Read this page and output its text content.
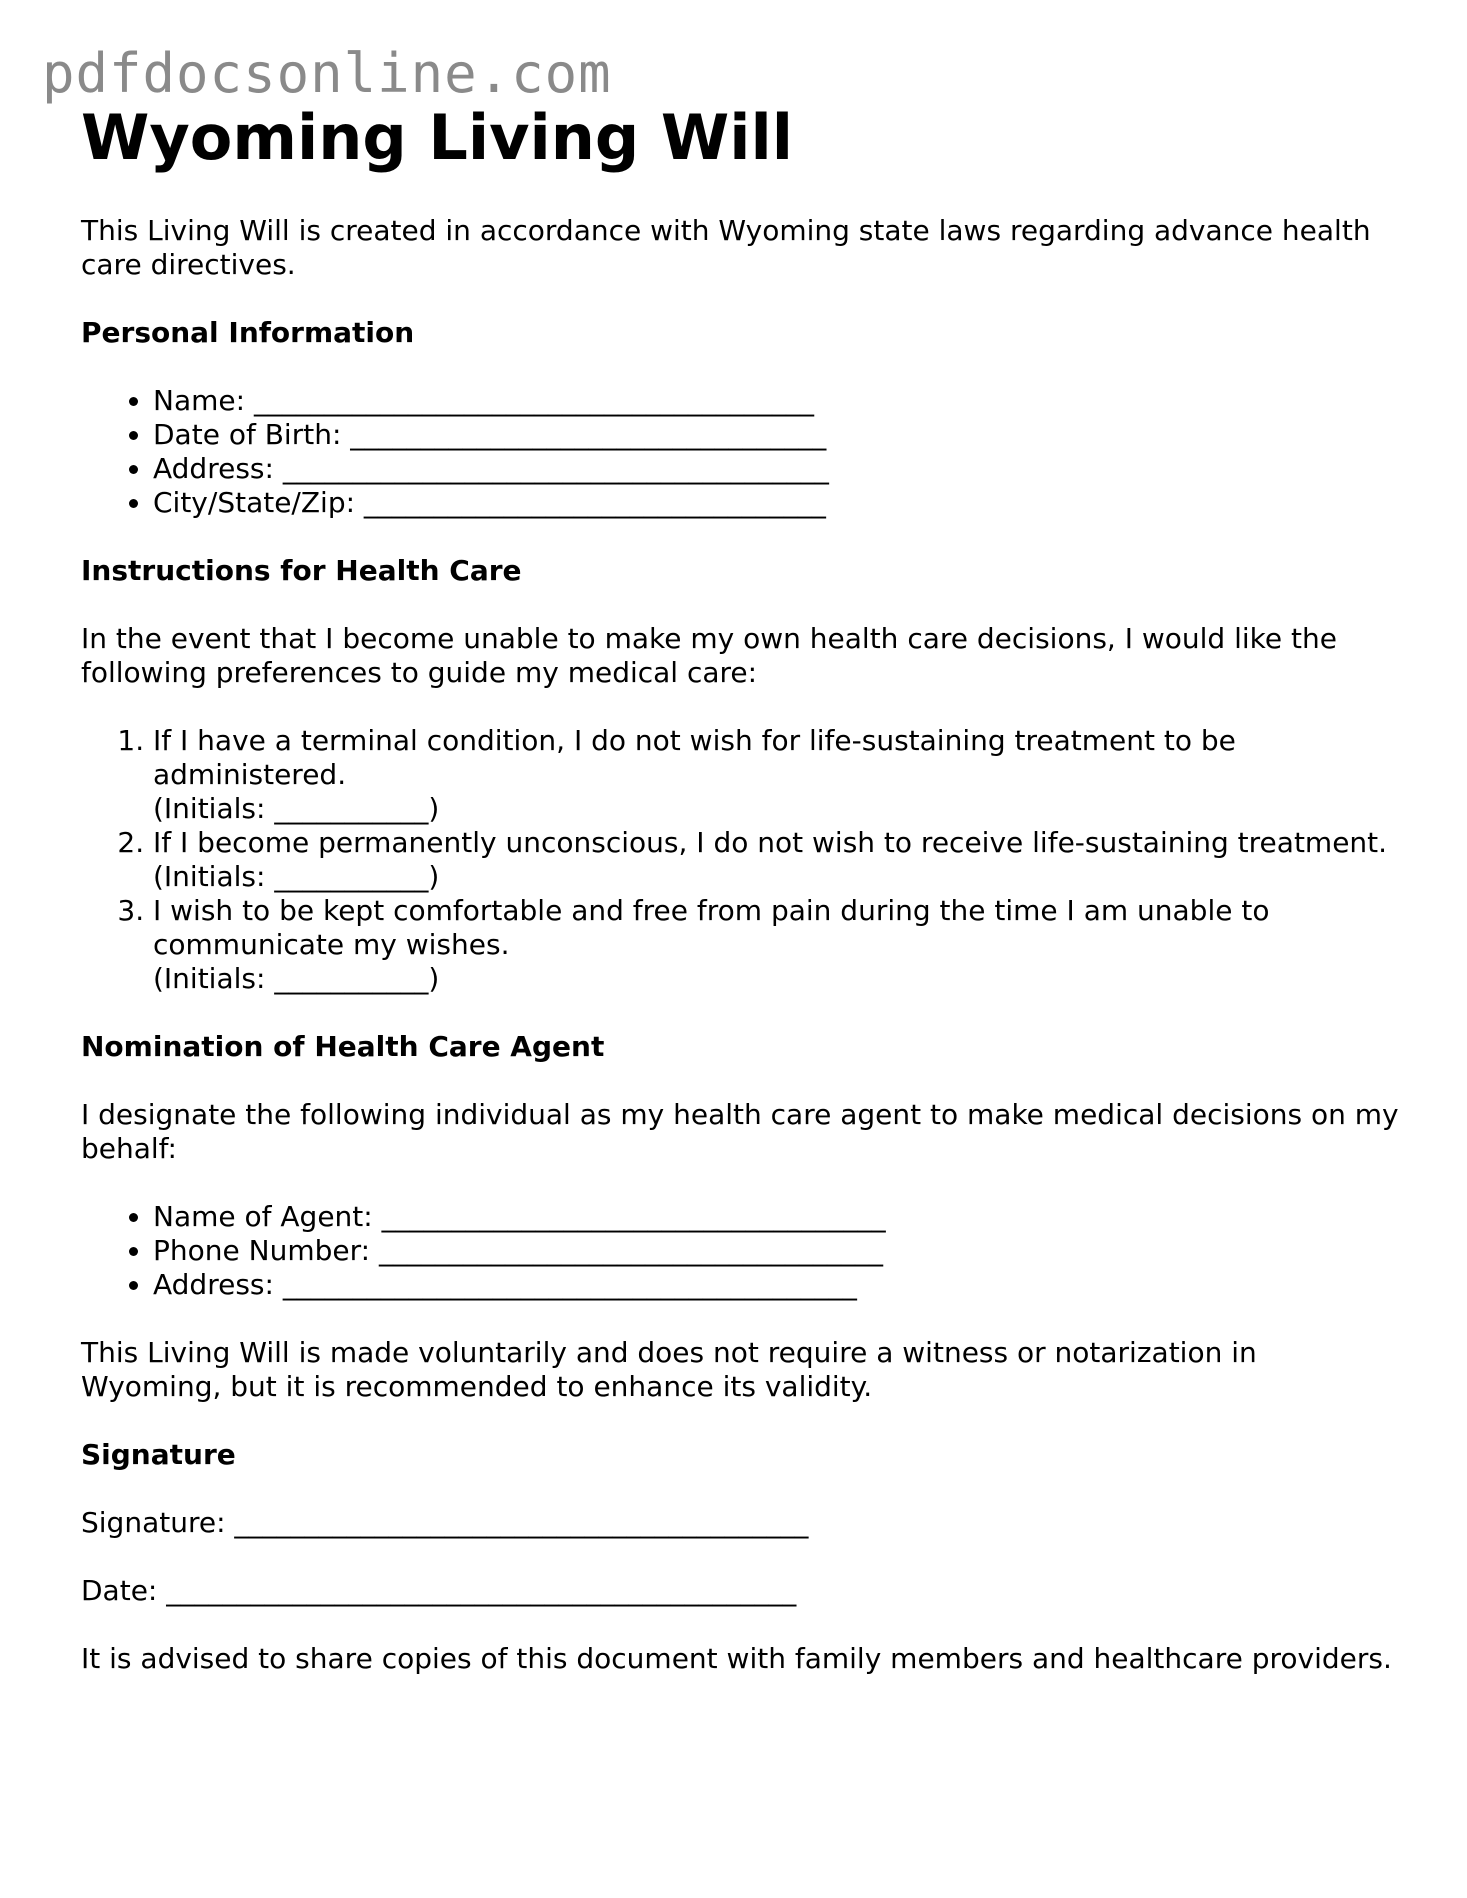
pdfdocsonline.com
Wyoming Living Will

This Living Will is created in accordance with Wyoming state laws regarding advance health care directives.

Personal Information
• Name: ________________________________________
• Date of Birth: __________________________________
• Address: _______________________________________
• City/State/Zip: _________________________________
Instructions for Health Care

In the event that I become unable to make my own health care decisions, I would like the following preferences to guide my medical care:

1. If I have a terminal condition, I do not wish for life-sustaining treatment to be administered.
(Initials: ___________)
2. If I become permanently unconscious, I do not wish to receive life-sustaining treatment.
(Initials: ___________)
3. I wish to be kept comfortable and free from pain during the time I am unable to communicate my wishes.
(Initials: ___________)
Nomination of Health Care Agent

I designate the following individual as my health care agent to make medical decisions on my behalf:

• Name of Agent: ____________________________________
• Phone Number: ____________________________________
• Address: _________________________________________

This Living Will is made voluntarily and does not require a witness or notarization in Wyoming, but it is recommended to enhance its validity.

Signature

Signature: _________________________________________

Date: _____________________________________________

It is advised to share copies of this document with family members and healthcare providers.
